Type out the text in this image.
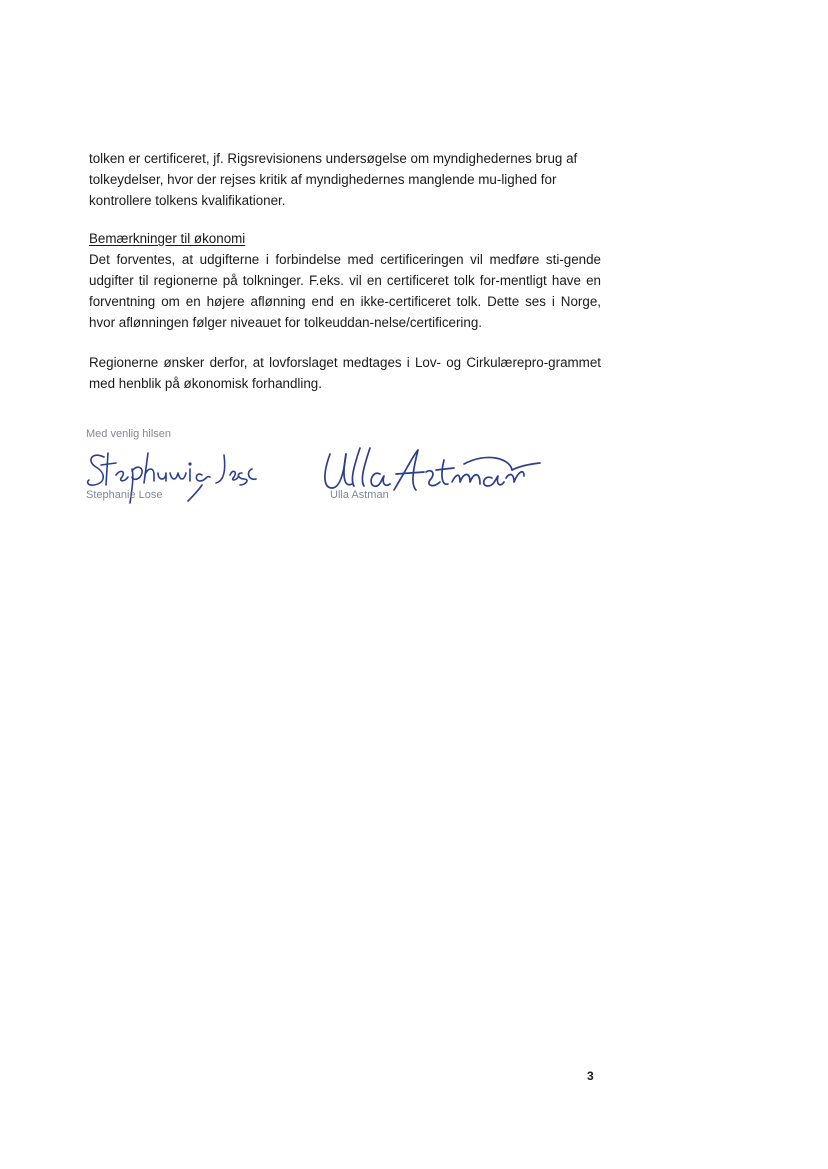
tolken er certificeret, jf. Rigsrevisionens undersøgelse om myndighedernes brug af tolkeydelser, hvor der rejses kritik af myndighedernes manglende mu-lighed for kontrollere tolkens kvalifikationer.

Bemærkninger til økonomi

Det forventes, at udgifterne i forbindelse med certificeringen vil medføre sti-gende udgifter til regionerne på tolkninger. F.eks. vil en certificeret tolk for-mentligt have en forventning om en højere aflønning end en ikke-certificeret tolk. Dette ses i Norge, hvor aflønningen følger niveauet for tolkeuddan-nelse/certificering.

Regionerne ønsker derfor, at lovforslaget medtages i Lov- og Cirkulærepro-grammet med henblik på økonomisk forhandling.

Med venlig hilsen

Stephanie Lose	Ulla Astman

3
